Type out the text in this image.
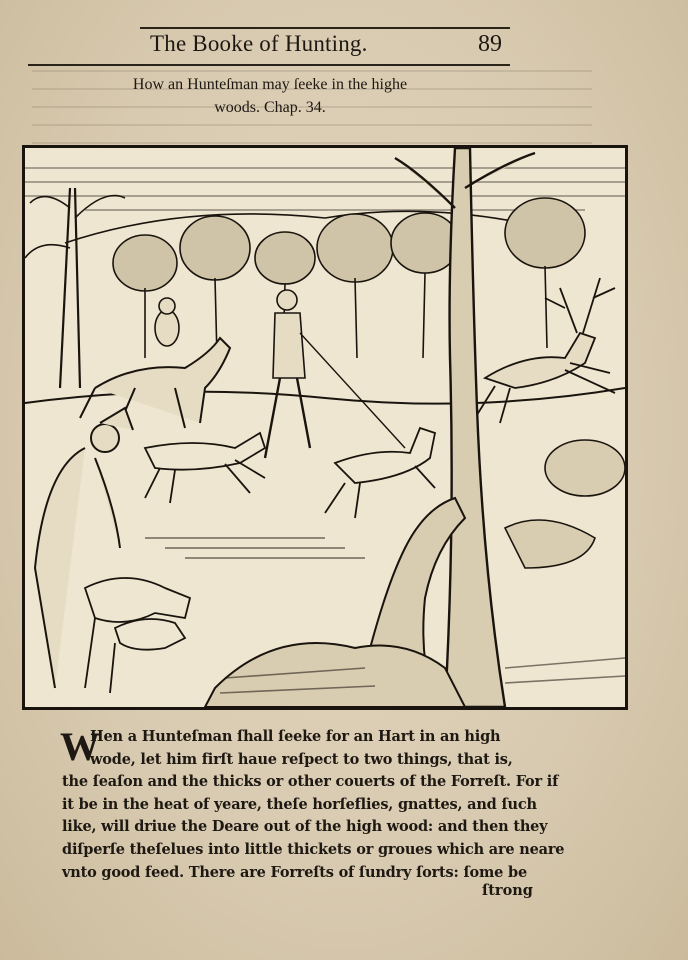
The Booke of Hunting.	89
How an Hunteſman may ſeeke in the highe
woods. Chap. 34.
W
Hen a Hunteſman ſhall ſeeke for an Hart in an high
wode, let him firſt haue reſpect to two things, that is,
the ſeaſon and the thicks or other couerts of the Forreſt. For if
it be in the heat of yeare, theſe horſeflies, gnattes, and ſuch
like, will driue the Deare out of the high wood: and then they
diſperſe theſelues into little thickets or groues which are neare
vnto good feed. There are Forreſts of ſundry ſorts: ſome be
ſtrong
